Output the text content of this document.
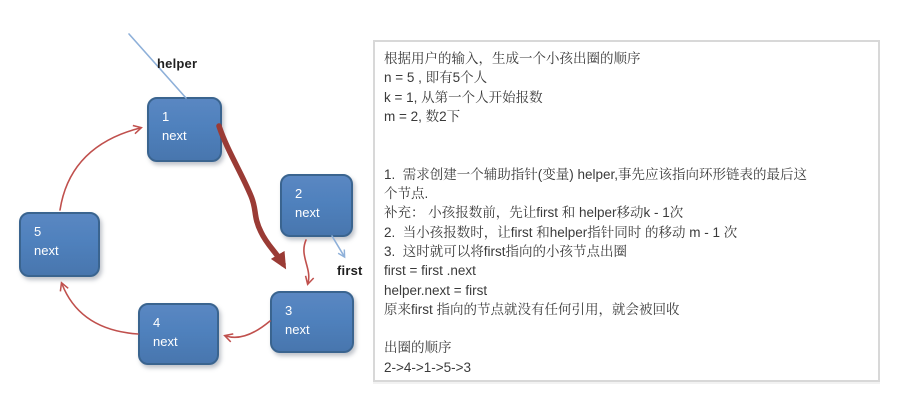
1
next
2
next
3
next
4
next
5
next
helper
first
根据用户的输入，生成一个小孩出圈的顺序
n = 5 , 即有5个人
k = 1, 从第一个人开始报数
m = 2, 数2下
1.  需求创建一个辅助指针(变量) helper,事先应该指向环形链表的最后这
个节点.
补充： 小孩报数前，先让first 和 helper移动k - 1次
2.  当小孩报数时，让first 和helper指针同时 的移动 m - 1 次
3.  这时就可以将first指向的小孩节点出圈
first = first .next
helper.next = first
原来first 指向的节点就没有任何引用，就会被回收
出圈的顺序
2->4->1->5->3
